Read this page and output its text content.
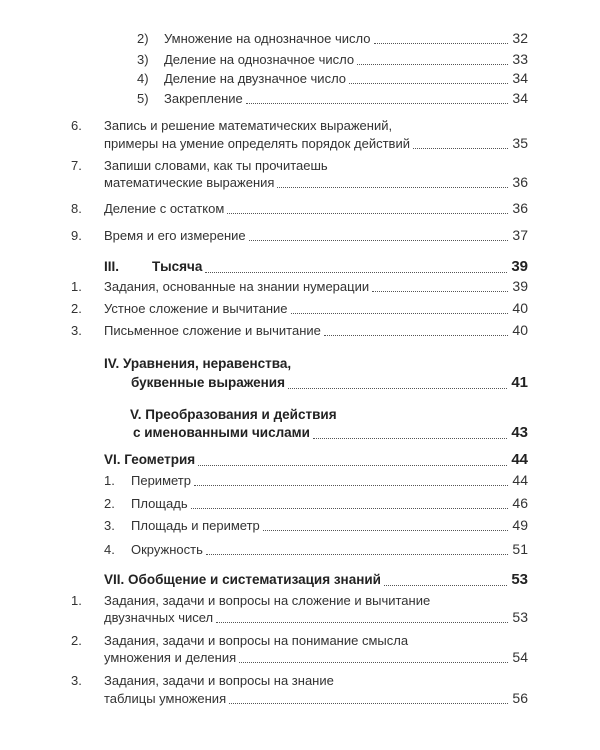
2) Умножение на однозначное число	32
3) Деление на однозначное число	33
4) Деление на двузначное число	34
5) Закрепление	34
6. Запись и решение математических выражений,
примеры на умение определять порядок действий	35
7. Запиши словами, как ты прочитаешь
математические выражения	36
8. Деление с остатком	36
9. Время и его измерение	37
III. Тысяча	39
1. Задания, основанные на знании нумерации	39
2. Устное сложение и вычитание	40
3. Письменное сложение и вычитание	40
IV. Уравнения, неравенства,
буквенные выражения	41
V. Преобразования и действия
с именованными числами	43
VI. Геометрия	44
1. Периметр	44
2. Площадь	46
3. Площадь и периметр	49
4. Окружность	51
VII. Обобщение и систематизация знаний	53
1. Задания, задачи и вопросы на сложение и вычитание
двузначных чисел	53
2. Задания, задачи и вопросы на понимание смысла
умножения и деления	54
3. Задания, задачи и вопросы на знание
таблицы умножения	56
